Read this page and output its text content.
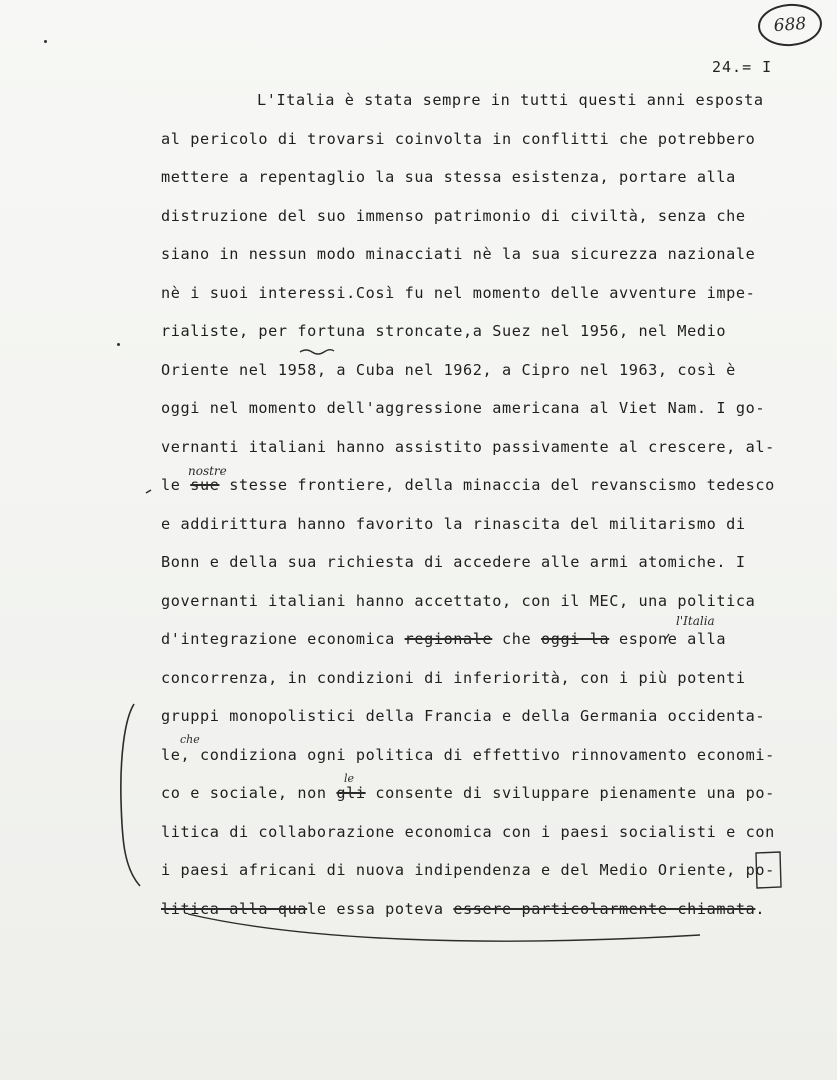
688
24.= I
L'Italia è stata sempre in tutti questi anni esposta
al pericolo di trovarsi coinvolta in conflitti che potrebbero
mettere a repentaglio la sua stessa esistenza, portare alla
distruzione del suo immenso patrimonio di civiltà, senza che
siano in nessun modo minacciati nè la sua sicurezza nazionale
nè i suoi interessi.Così fu nel momento delle avventure impe-
rialiste, per fortuna stroncate,a Suez nel 1956, nel Medio
Oriente nel 1958, a Cuba nel 1962, a Cipro nel 1963, così è
oggi nel momento dell'aggressione americana al Viet Nam. I go-
vernanti italiani hanno assistito passivamente al crescere, al-
le sue stesse frontiere, della minaccia del revanscismo tedesco
e addirittura hanno favorito la rinascita del militarismo di
Bonn e della sua richiesta di accedere alle armi atomiche. I
governanti italiani hanno accettato, con il MEC, una politica
d'integrazione economica regionale che oggi la espone alla
concorrenza, in condizioni di inferiorità, con i più potenti
gruppi monopolistici della Francia e della Germania occidenta-
le, condiziona ogni politica di effettivo rinnovamento economi-
co e sociale, non gli consente di sviluppare pienamente una po-
litica di collaborazione economica con i paesi socialisti e con
i paesi africani di nuova indipendenza e del Medio Oriente, po-
litica alla quale essa poteva essere particolarmente chiamata.
nostre
l'Italia
che
le
